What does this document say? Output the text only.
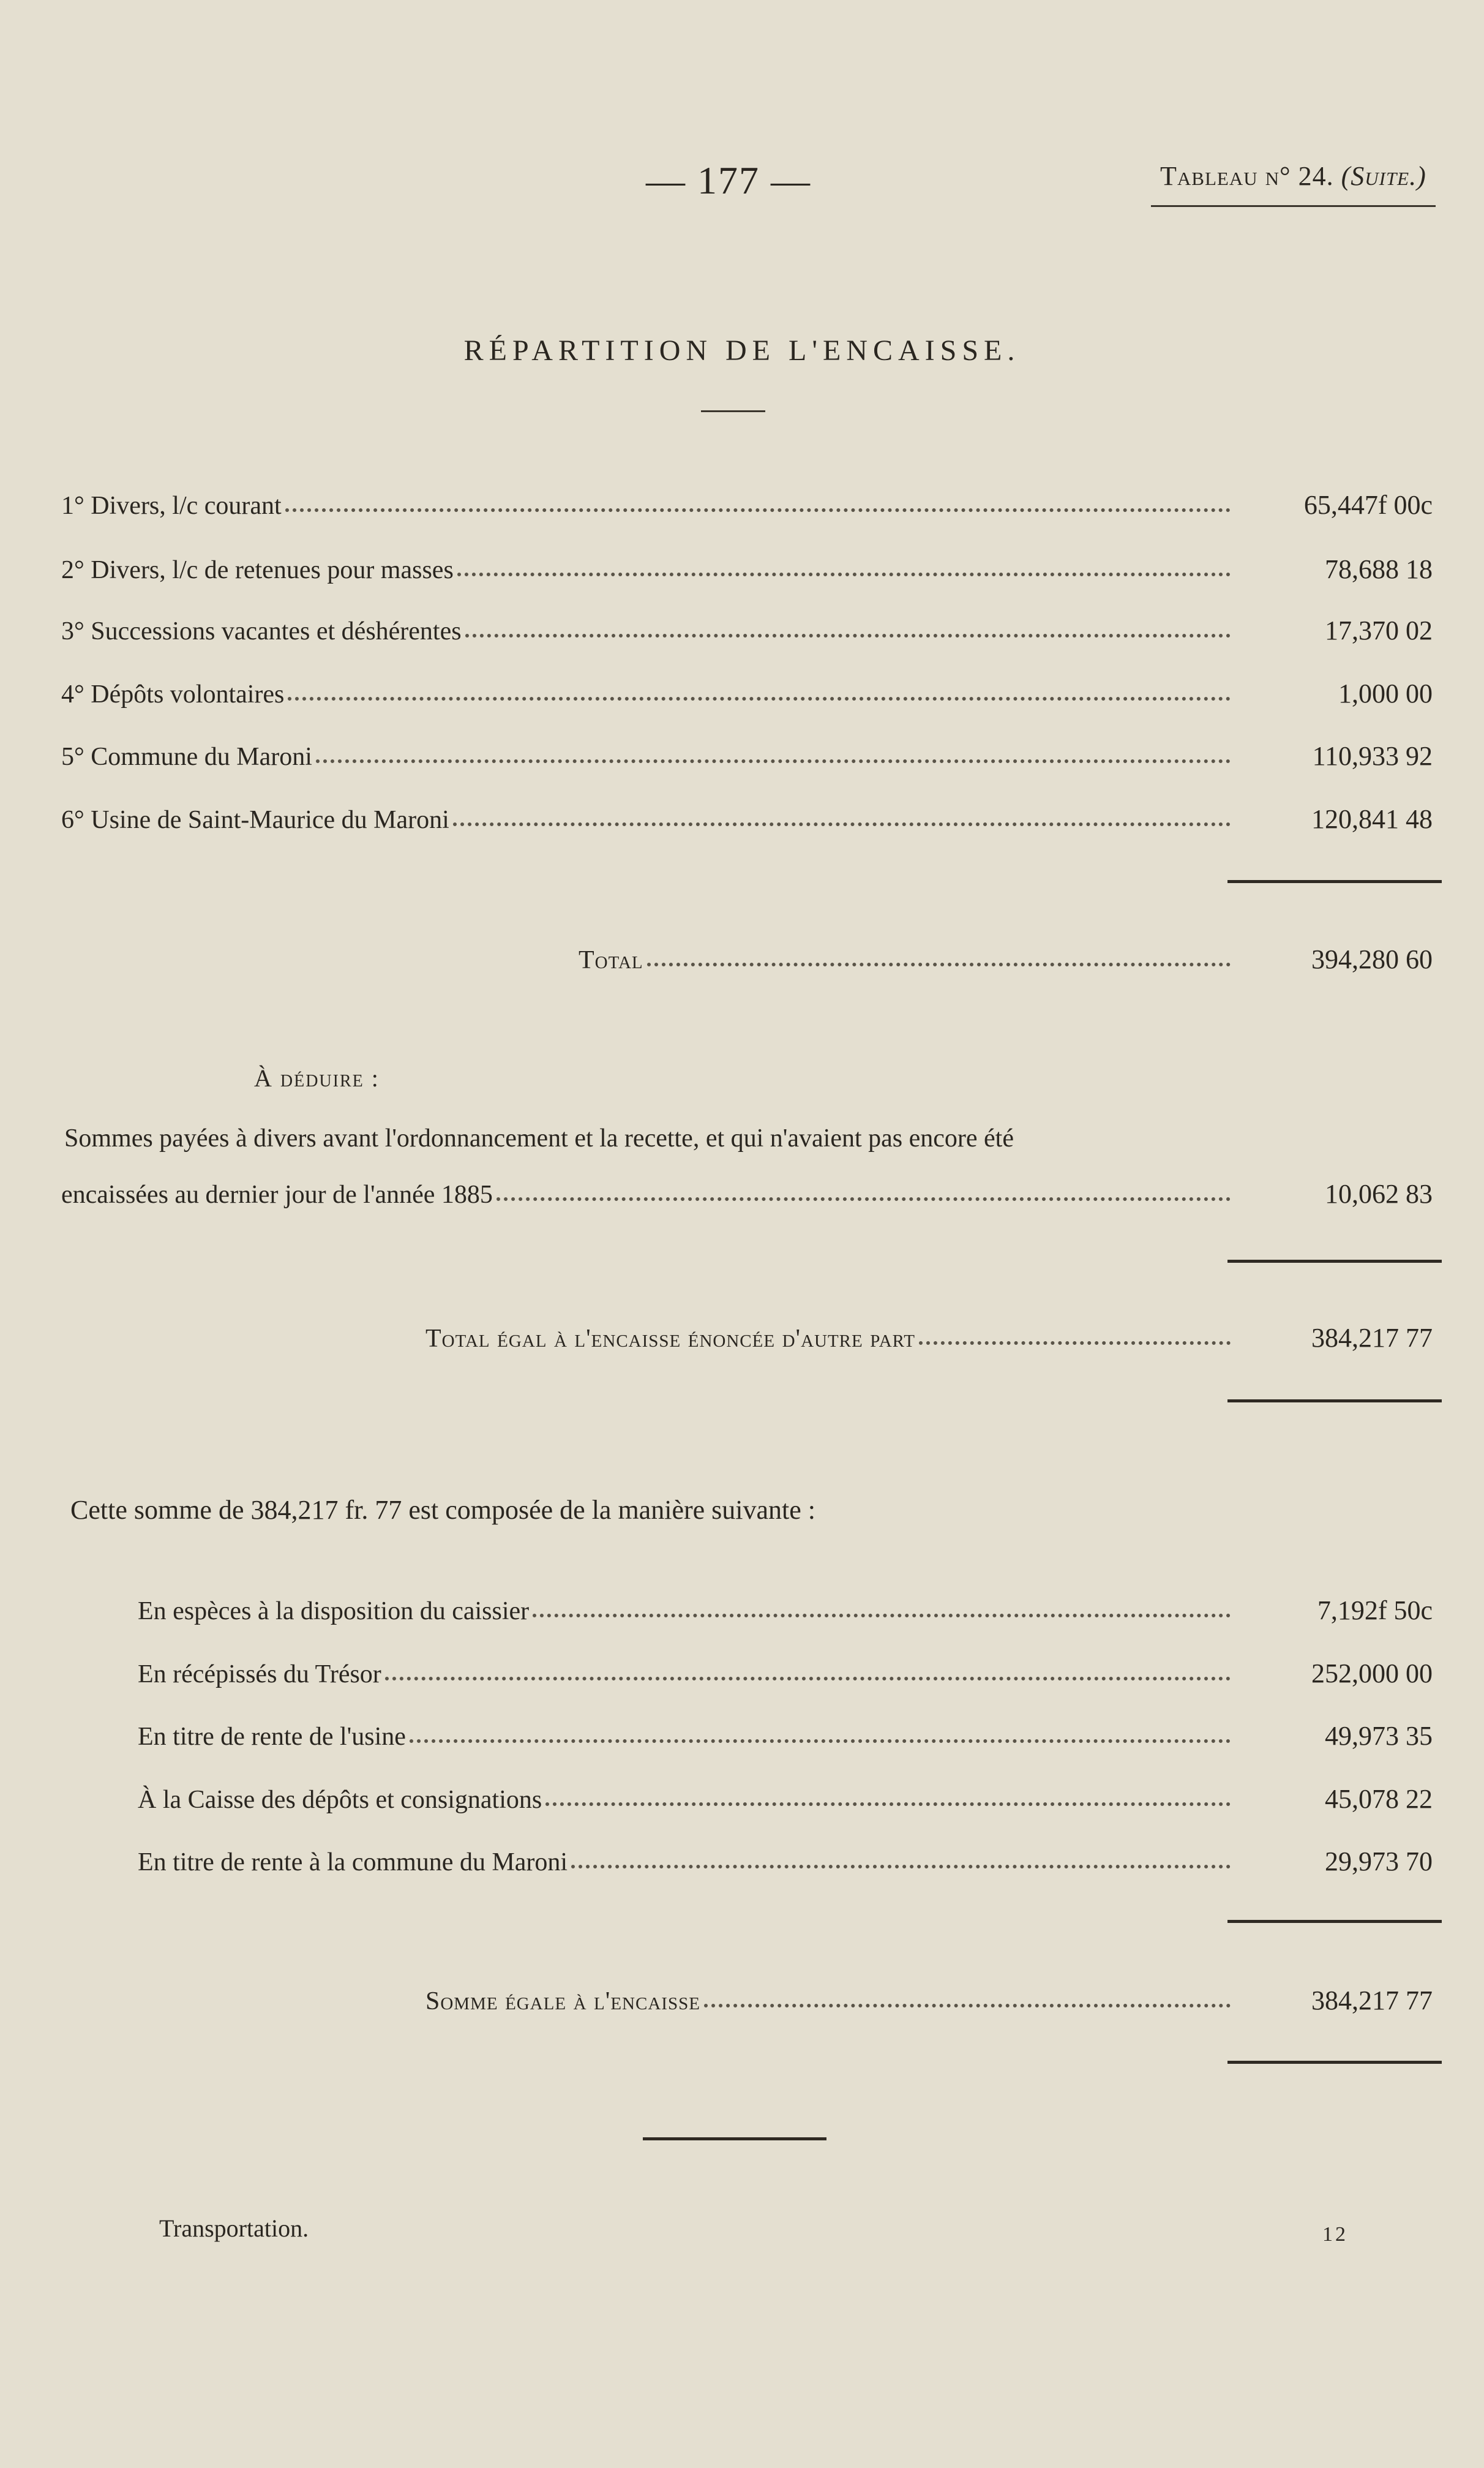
— 177 —	Tableau n° 24. (Suite.)
RÉPARTITION DE L'ENCAISSE.
1° Divers, l/c courant	65,447f 00c
2° Divers, l/c de retenues pour masses	78,688 18
3° Successions vacantes et déshérentes	17,370 02
4° Dépôts volontaires	1,000 00
5° Commune du Maroni	110,933 92
6° Usine de Saint-Maurice du Maroni	120,841 48
Total	394,280 60
À déduire :
Sommes payées à divers avant l'ordonnancement et la recette, et qui n'avaient pas encore été
encaissées au dernier jour de l'année 1885	10,062 83
Total égal à l'encaisse énoncée d'autre part	384,217 77
Cette somme de 384,217 fr. 77 est composée de la manière suivante :
En espèces à la disposition du caissier	7,192f 50c
En récépissés du Trésor	252,000 00
En titre de rente de l'usine	49,973 35
À la Caisse des dépôts et consignations	45,078 22
En titre de rente à la commune du Maroni	29,973 70
Somme égale à l'encaisse	384,217 77
Transportation.	12
